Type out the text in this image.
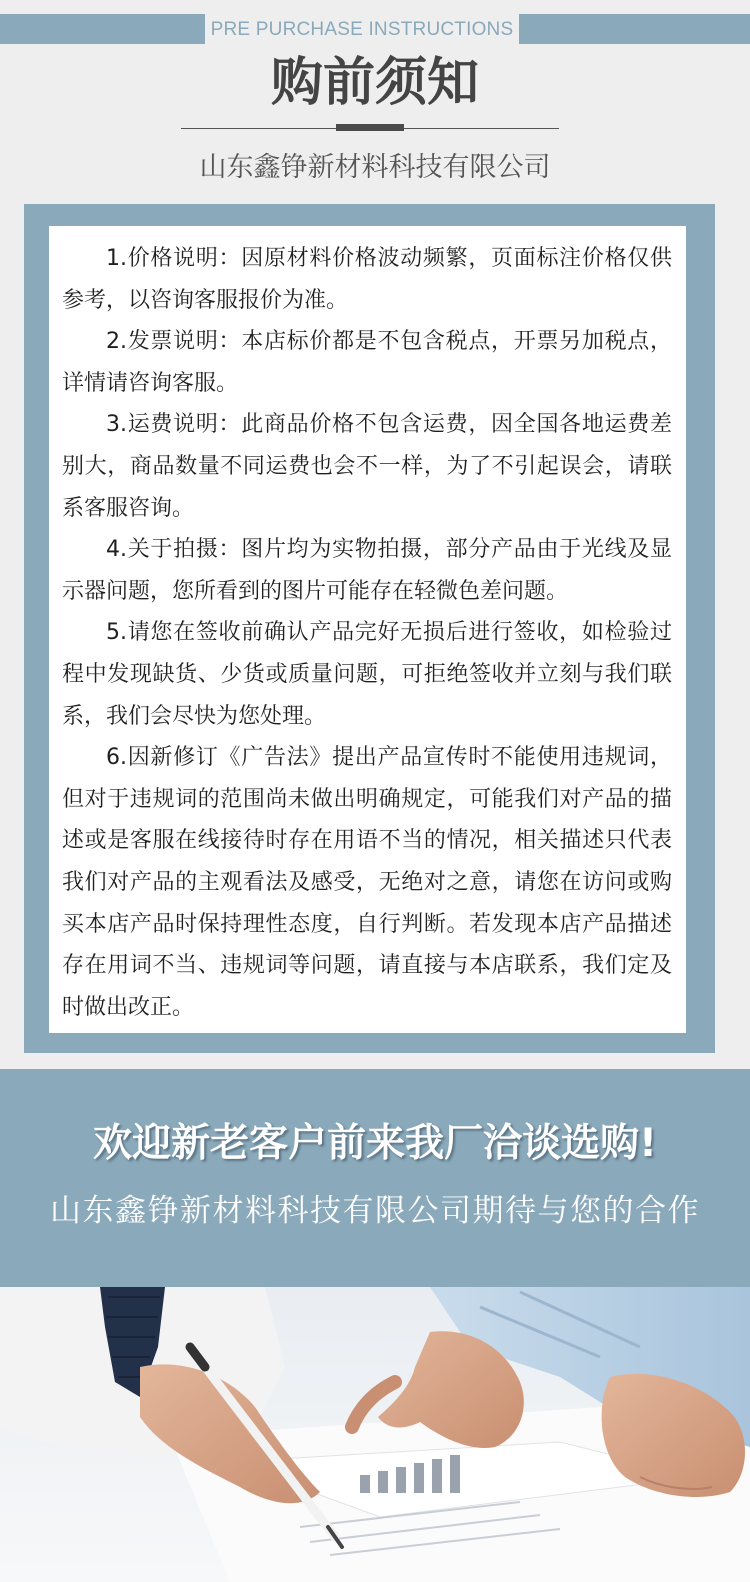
PRE PURCHASE INSTRUCTIONS
购前须知
山东鑫铮新材料科技有限公司

1.价格说明：因原材料价格波动频繁，页面标注价格仅供参考，以咨询客服报价为准。

2.发票说明：本店标价都是不包含税点，开票另加税点，详情请咨询客服。

3.运费说明：此商品价格不包含运费，因全国各地运费差别大，商品数量不同运费也会不一样，为了不引起误会，请联系客服咨询。

4.关于拍摄：图片均为实物拍摄，部分产品由于光线及显示器问题，您所看到的图片可能存在轻微色差问题。

5.请您在签收前确认产品完好无损后进行签收，如检验过程中发现缺货、少货或质量问题，可拒绝签收并立刻与我们联系，我们会尽快为您处理。

6.因新修订《广告法》提出产品宣传时不能使用违规词，但对于违规词的范围尚未做出明确规定，可能我们对产品的描述或是客服在线接待时存在用语不当的情况，相关描述只代表我们对产品的主观看法及感受，无绝对之意，请您在访问或购买本店产品时保持理性态度，自行判断。若发现本店产品描述存在用词不当、违规词等问题，请直接与本店联系，我们定及时做出改正。

欢迎新老客户前来我厂洽谈选购!
山东鑫铮新材料科技有限公司期待与您的合作
